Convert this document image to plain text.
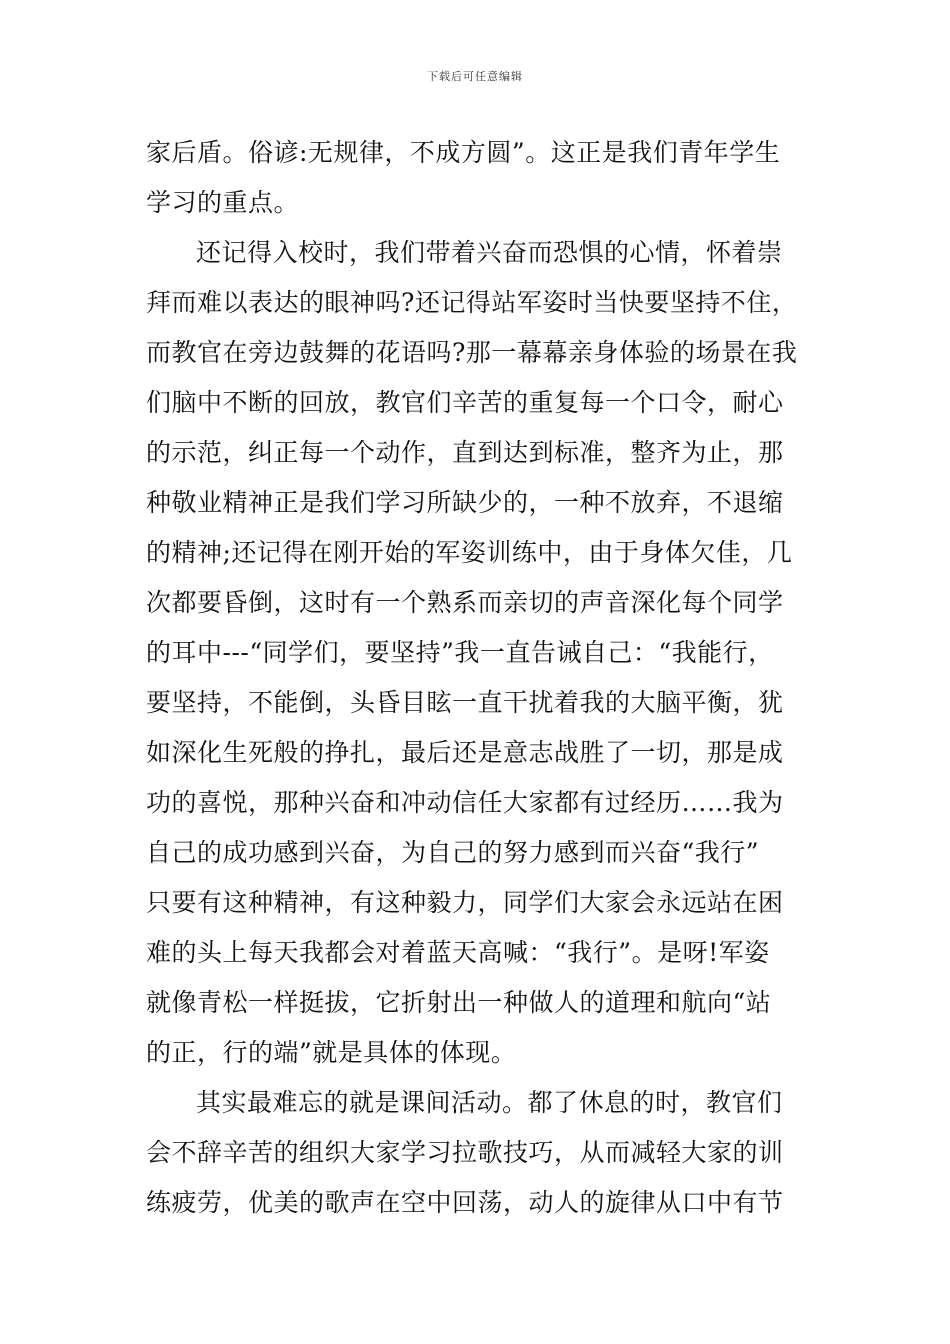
下载后可任意编辑
家后盾。俗谚:无规律，不成方圆”。这正是我们青年学生
学习的重点。
还记得入校时，我们带着兴奋而恐惧的心情，怀着崇
拜而难以表达的眼神吗?还记得站军姿时当快要坚持不住，
而教官在旁边鼓舞的花语吗?那一幕幕亲身体验的场景在我
们脑中不断的回放，教官们辛苦的重复每一个口令，耐心
的示范，纠正每一个动作，直到达到标准，整齐为止，那
种敬业精神正是我们学习所缺少的，一种不放弃，不退缩
的精神;还记得在刚开始的军姿训练中，由于身体欠佳，几
次都要昏倒，这时有一个熟系而亲切的声音深化每个同学
的耳中---“同学们，要坚持”我一直告诫自己：“我能行，
要坚持，不能倒，头昏目眩一直干扰着我的大脑平衡，犹
如深化生死般的挣扎，最后还是意志战胜了一切，那是成
功的喜悦，那种兴奋和冲动信任大家都有过经历……我为
自己的成功感到兴奋，为自己的努力感到而兴奋“我行”
只要有这种精神，有这种毅力，同学们大家会永远站在困
难的头上每天我都会对着蓝天高喊：“我行”。是呀!军姿
就像青松一样挺拔，它折射出一种做人的道理和航向“站
的正，行的端”就是具体的体现。
其实最难忘的就是课间活动。都了休息的时，教官们
会不辞辛苦的组织大家学习拉歌技巧，从而减轻大家的训
练疲劳，优美的歌声在空中回荡，动人的旋律从口中有节
